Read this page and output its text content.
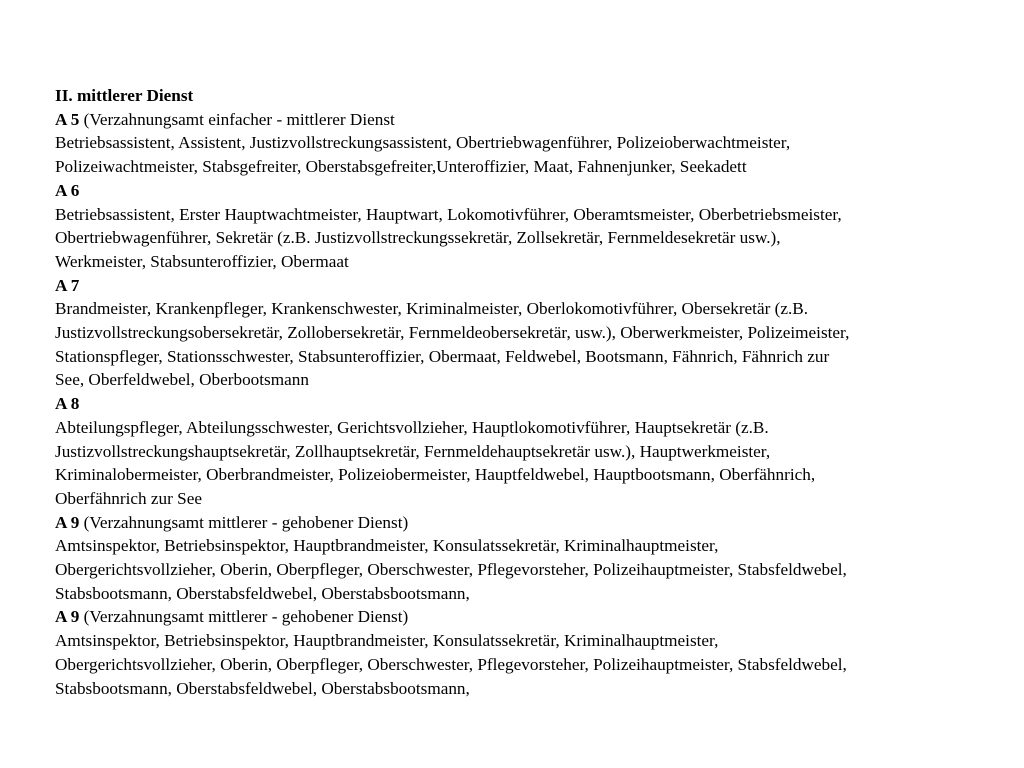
II. mittlerer Dienst
A 5 (Verzahnungsamt einfacher - mittlerer Dienst
Betriebsassistent, Assistent, Justizvollstreckungsassistent, Obertriebwagenführer, Polizeioberwachtmeister,
Polizeiwachtmeister, Stabsgefreiter, Oberstabsgefreiter,Unteroffizier, Maat, Fahnenjunker, Seekadett
A 6
Betriebsassistent, Erster Hauptwachtmeister, Hauptwart, Lokomotivführer, Oberamtsmeister, Oberbetriebsmeister,
Obertriebwagenführer, Sekretär (z.B. Justizvollstreckungssekretär, Zollsekretär, Fernmeldesekretär usw.),
Werkmeister, Stabsunteroffizier, Obermaat
A 7
Brandmeister, Krankenpfleger, Krankenschwester, Kriminalmeister, Oberlokomotivführer, Obersekretär (z.B.
Justizvollstreckungsobersekretär, Zollobersekretär, Fernmeldeobersekretär, usw.), Oberwerkmeister, Polizeimeister,
Stationspfleger, Stationsschwester, Stabsunteroffizier, Obermaat, Feldwebel, Bootsmann, Fähnrich, Fähnrich zur
See, Oberfeldwebel, Oberbootsmann
A 8
Abteilungspfleger, Abteilungsschwester, Gerichtsvollzieher, Hauptlokomotivführer, Hauptsekretär (z.B.
Justizvollstreckungshauptsekretär, Zollhauptsekretär, Fernmeldehauptsekretär usw.), Hauptwerkmeister,
Kriminalobermeister, Oberbrandmeister, Polizeiobermeister, Hauptfeldwebel, Hauptbootsmann, Oberfähnrich,
Oberfähnrich zur See
A 9 (Verzahnungsamt mittlerer - gehobener Dienst)
Amtsinspektor, Betriebsinspektor, Hauptbrandmeister, Konsulatssekretär, Kriminalhauptmeister,
Obergerichtsvollzieher, Oberin, Oberpfleger, Oberschwester, Pflegevorsteher, Polizeihauptmeister, Stabsfeldwebel,
Stabsbootsmann, Oberstabsfeldwebel, Oberstabsbootsmann,
A 9 (Verzahnungsamt mittlerer - gehobener Dienst)
Amtsinspektor, Betriebsinspektor, Hauptbrandmeister, Konsulatssekretär, Kriminalhauptmeister,
Obergerichtsvollzieher, Oberin, Oberpfleger, Oberschwester, Pflegevorsteher, Polizeihauptmeister, Stabsfeldwebel,
Stabsbootsmann, Oberstabsfeldwebel, Oberstabsbootsmann,
